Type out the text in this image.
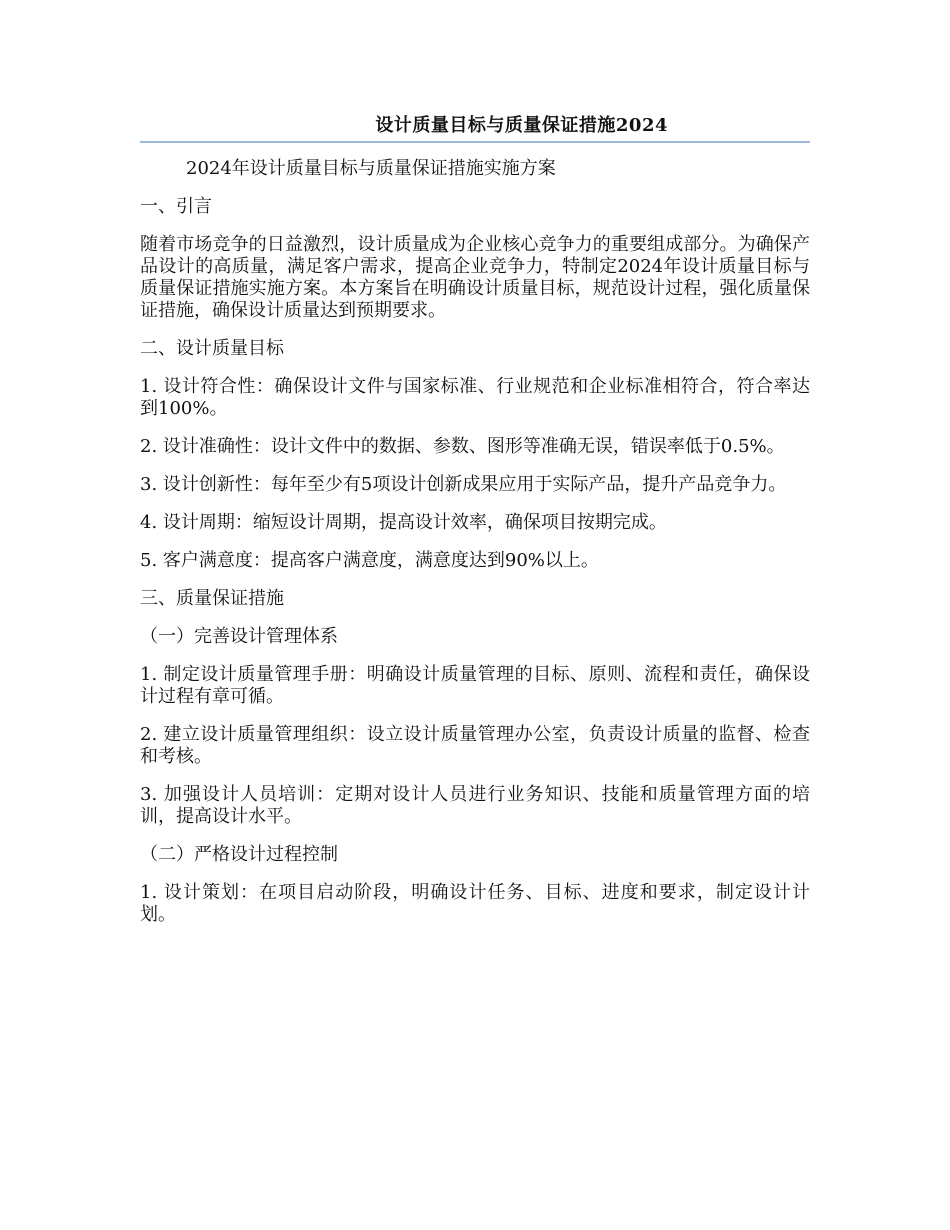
设计质量目标与质量保证措施2024

2024年设计质量目标与质量保证措施实施方案

一、引言

随着市场竞争的日益激烈，设计质量成为企业核心竞争力的重要组成部分。为确保产品设计的高质量，满足客户需求，提高企业竞争力，特制定2024年设计质量目标与质量保证措施实施方案。本方案旨在明确设计质量目标，规范设计过程，强化质量保证措施，确保设计质量达到预期要求。

二、设计质量目标

1. 设计符合性：确保设计文件与国家标准、行业规范和企业标准相符合，符合率达到100%。

2. 设计准确性：设计文件中的数据、参数、图形等准确无误，错误率低于0.5%。

3. 设计创新性：每年至少有5项设计创新成果应用于实际产品，提升产品竞争力。

4. 设计周期：缩短设计周期，提高设计效率，确保项目按期完成。

5. 客户满意度：提高客户满意度，满意度达到90%以上。

三、质量保证措施

（一）完善设计管理体系

1. 制定设计质量管理手册：明确设计质量管理的目标、原则、流程和责任，确保设计过程有章可循。

2. 建立设计质量管理组织：设立设计质量管理办公室，负责设计质量的监督、检查和考核。

3. 加强设计人员培训：定期对设计人员进行业务知识、技能和质量管理方面的培训，提高设计水平。

（二）严格设计过程控制

1. 设计策划：在项目启动阶段，明确设计任务、目标、进度和要求，制定设计计划。
